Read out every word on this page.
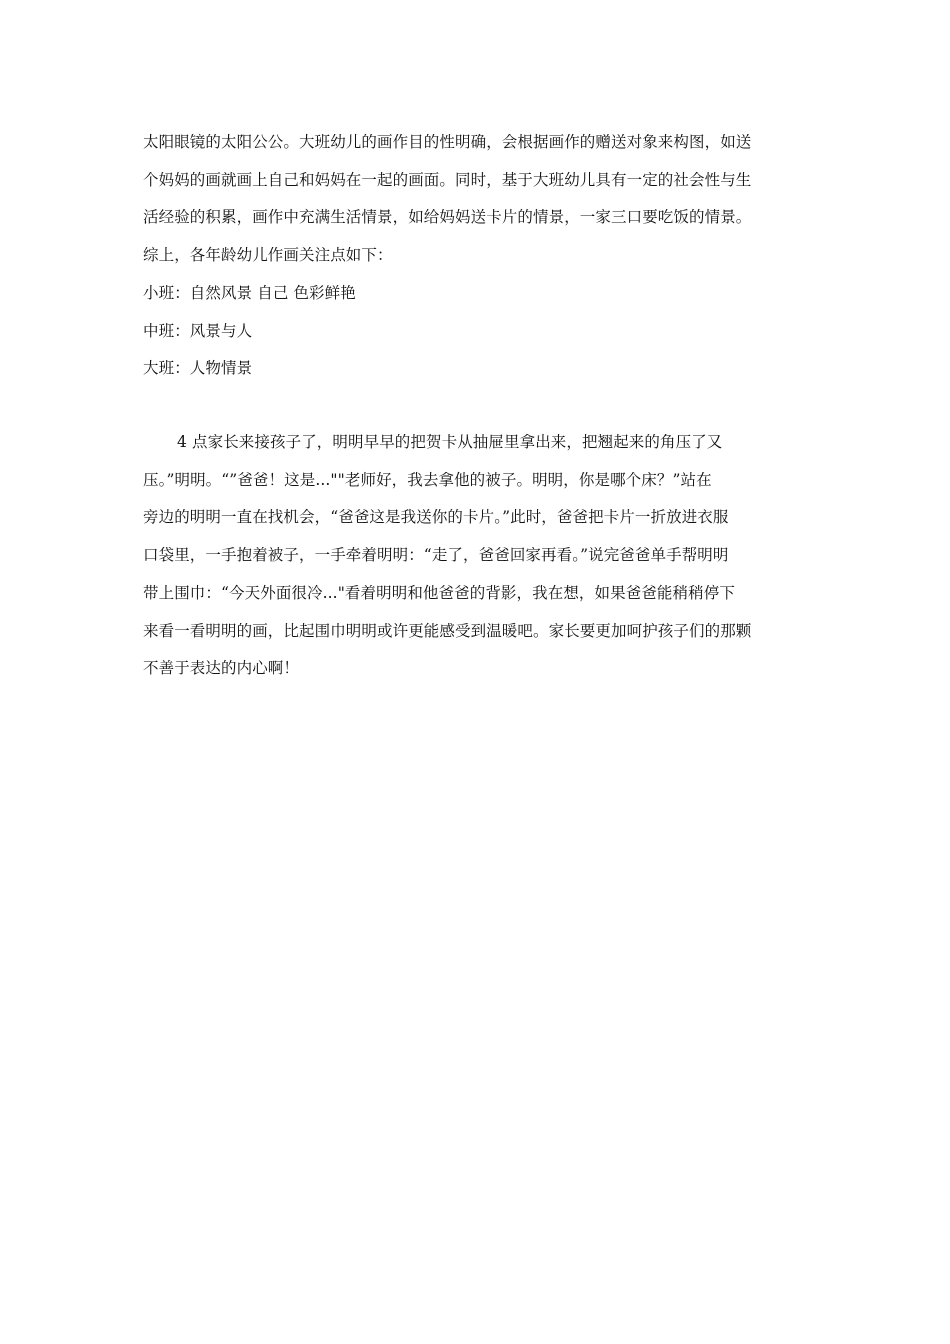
太阳眼镜的太阳公公。大班幼儿的画作目的性明确，会根据画作的赠送对象来构图，如送
个妈妈的画就画上自己和妈妈在一起的画面。同时，基于大班幼儿具有一定的社会性与生
活经验的积累，画作中充满生活情景，如给妈妈送卡片的情景，一家三口要吃饭的情景。
综上，各年龄幼儿作画关注点如下：
小班：自然风景 自己 色彩鲜艳
中班：风景与人
大班：人物情景
4 点家长来接孩子了，明明早早的把贺卡从抽屉里拿出来，把翘起来的角压了又
压。”明明。“”爸爸！这是...""老师好，我去拿他的被子。明明，你是哪个床？”站在
旁边的明明一直在找机会，“爸爸这是我送你的卡片。”此时，爸爸把卡片一折放进衣服
口袋里，一手抱着被子，一手牵着明明：“走了，爸爸回家再看。”说完爸爸单手帮明明
带上围巾：“今天外面很冷..."看着明明和他爸爸的背影，我在想，如果爸爸能稍稍停下
来看一看明明的画，比起围巾明明或许更能感受到温暖吧。家长要更加呵护孩子们的那颗
不善于表达的内心啊！
